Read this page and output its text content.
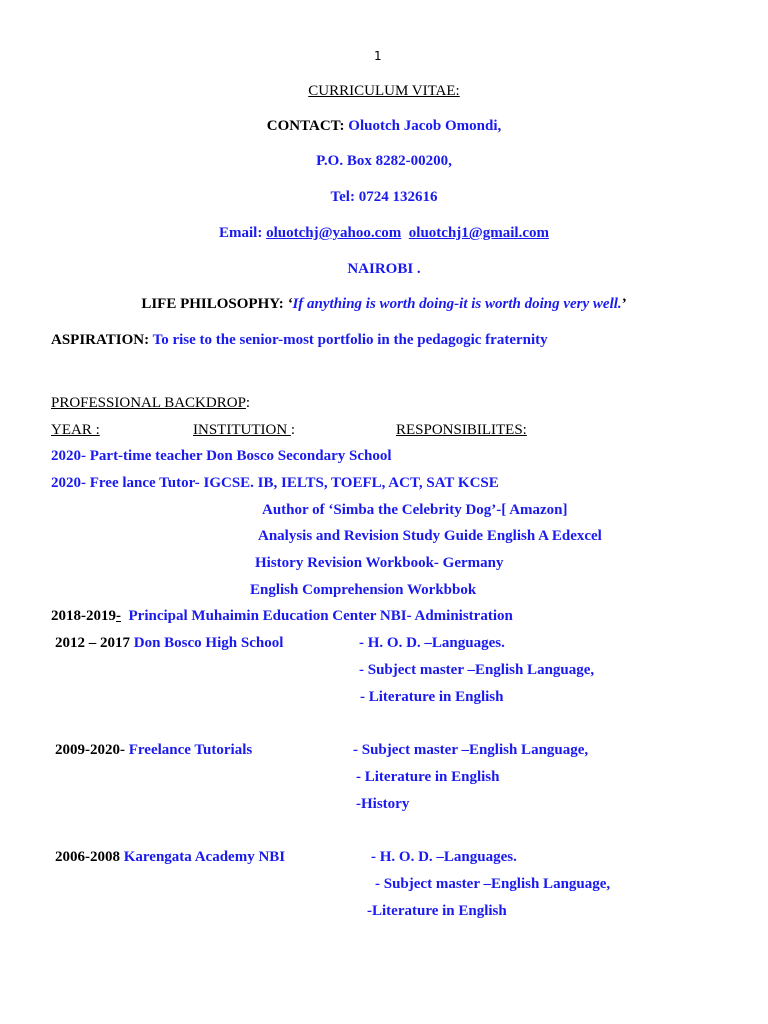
1
CURRICULUM VITAE:
CONTACT: Oluotch Jacob Omondi,
P.O. Box 8282-00200,
Tel: 0724 132616
Email: oluotchj@yahoo.com oluotchj1@gmail.com
NAIROBI .
LIFE PHILOSOPHY: ‘If anything is worth doing-it is worth doing very well.’
ASPIRATION: To rise to the senior-most portfolio in the pedagogic fraternity
PROFESSIONAL BACKDROP:
YEAR :	INSTITUTION :	RESPONSIBILITES:
2020- Part-time teacher Don Bosco Secondary School
2020- Free lance Tutor- IGCSE. IB, IELTS, TOEFL, ACT, SAT KCSE
Author of ‘Simba the Celebrity Dog’-[ Amazon]
Analysis and Revision Study Guide English A Edexcel
History Revision Workbook- Germany
English Comprehension Workbbok
2018-2019- Principal Muhaimin Education Center NBI- Administration
2012 – 2017 Don Bosco High School	- H. O. D. –Languages.
- Subject master –English Language,
- Literature in English
2009-2020- Freelance Tutorials	- Subject master –English Language,
- Literature in English
-History
2006-2008 Karengata Academy NBI	- H. O. D. –Languages.
- Subject master –English Language,
-Literature in English
